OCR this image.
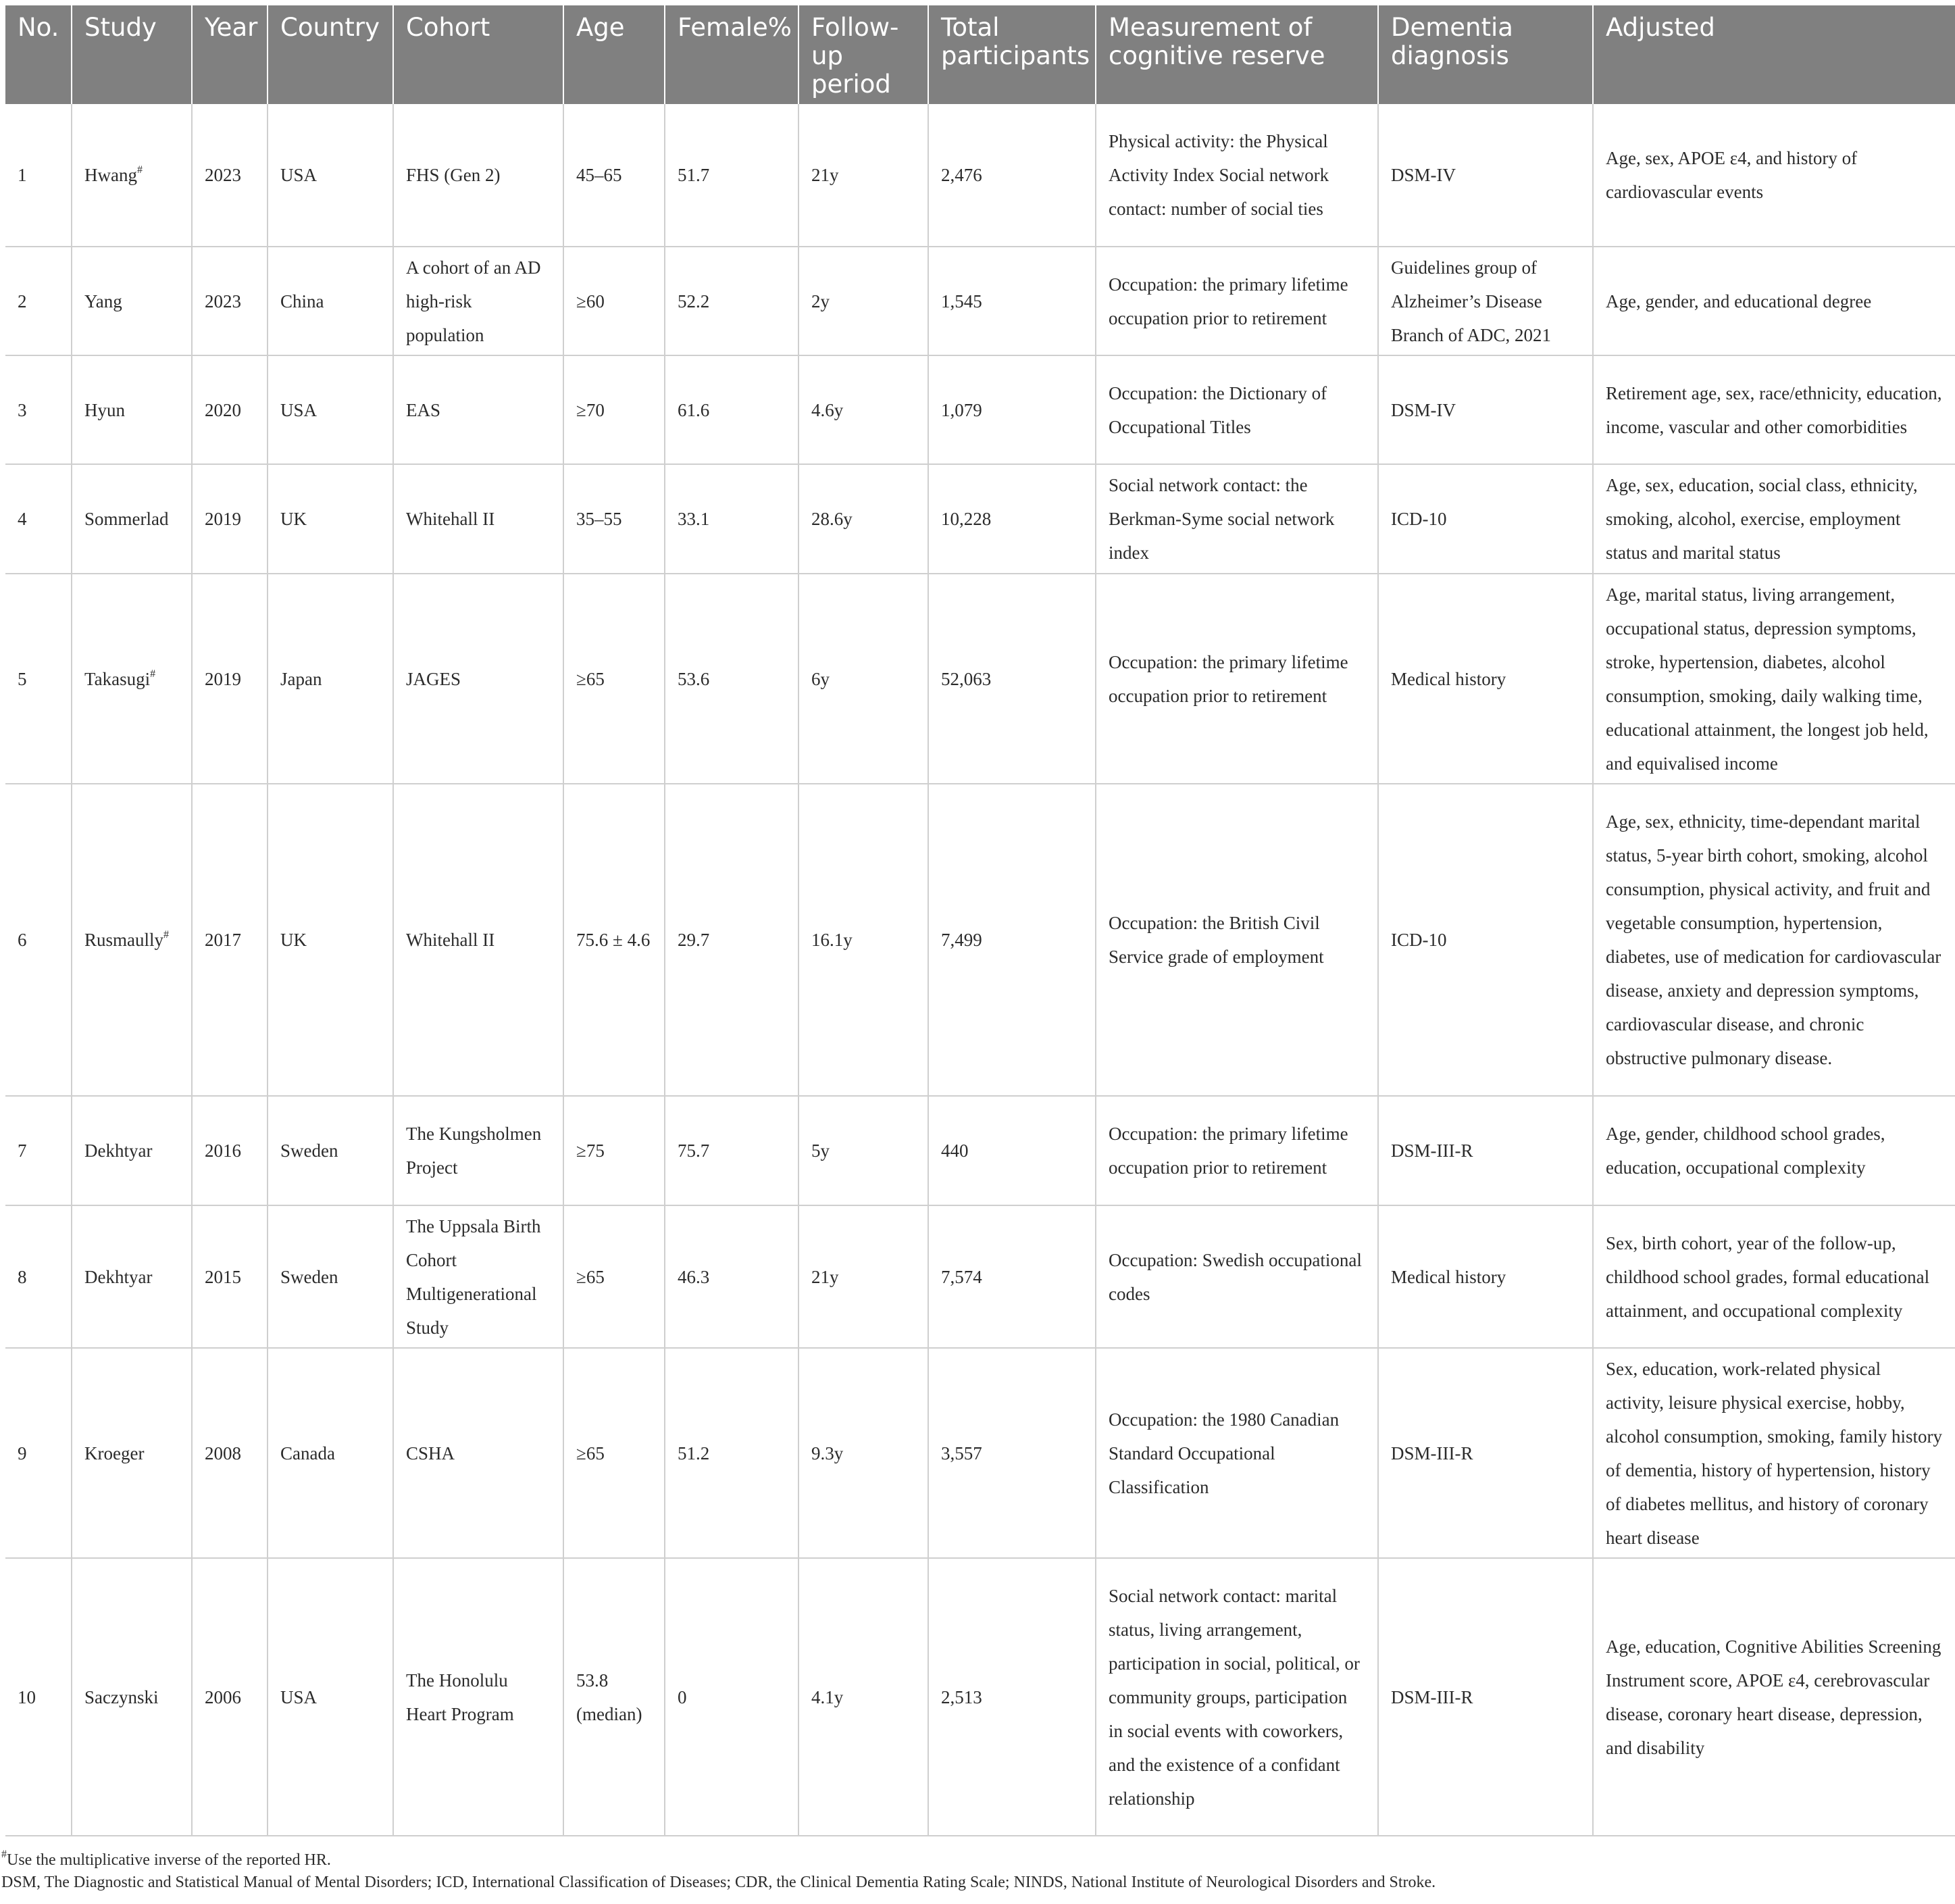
No.	Study	Year	Country	Cohort	Age	Female%	Follow-up period	Total participants	Measurement of cognitive reserve	Dementia diagnosis	Adjusted
1	Hwang#	2023	USA	FHS (Gen 2)	45–65	51.7	21y	2,476	Physical activity: the Physical Activity Index Social network contact: number of social ties	DSM-IV	Age, sex, APOE ε4, and history of cardiovascular events
2	Yang	2023	China	A cohort of an AD high-risk population	≥60	52.2	2y	1,545	Occupation: the primary lifetime occupation prior to retirement	Guidelines group of Alzheimer’s Disease Branch of ADC, 2021	Age, gender, and educational degree
3	Hyun	2020	USA	EAS	≥70	61.6	4.6y	1,079	Occupation: the Dictionary of Occupational Titles	DSM-IV	Retirement age, sex, race/ethnicity, education, income, vascular and other comorbidities
4	Sommerlad	2019	UK	Whitehall II	35–55	33.1	28.6y	10,228	Social network contact: the Berkman-Syme social network index	ICD-10	Age, sex, education, social class, ethnicity, smoking, alcohol, exercise, employment status and marital status
5	Takasugi#	2019	Japan	JAGES	≥65	53.6	6y	52,063	Occupation: the primary lifetime occupation prior to retirement	Medical history	Age, marital status, living arrangement, occupational status, depression symptoms, stroke, hypertension, diabetes, alcohol consumption, smoking, daily walking time, educational attainment, the longest job held, and equivalised income
6	Rusmaully#	2017	UK	Whitehall II	75.6 ± 4.6	29.7	16.1y	7,499	Occupation: the British Civil Service grade of employment	ICD-10	Age, sex, ethnicity, time-dependant marital status, 5-year birth cohort, smoking, alcohol consumption, physical activity, and fruit and vegetable consumption, hypertension, diabetes, use of medication for cardiovascular disease, anxiety and depression symptoms, cardiovascular disease, and chronic obstructive pulmonary disease.
7	Dekhtyar	2016	Sweden	The Kungsholmen Project	≥75	75.7	5y	440	Occupation: the primary lifetime occupation prior to retirement	DSM-III-R	Age, gender, childhood school grades, education, occupational complexity
8	Dekhtyar	2015	Sweden	The Uppsala Birth Cohort Multigenerational Study	≥65	46.3	21y	7,574	Occupation: Swedish occupational codes	Medical history	Sex, birth cohort, year of the follow-up, childhood school grades, formal educational attainment, and occupational complexity
9	Kroeger	2008	Canada	CSHA	≥65	51.2	9.3y	3,557	Occupation: the 1980 Canadian Standard Occupational Classification	DSM-III-R	Sex, education, work-related physical activity, leisure physical exercise, hobby, alcohol consumption, smoking, family history of dementia, history of hypertension, history of diabetes mellitus, and history of coronary heart disease
10	Saczynski	2006	USA	The Honolulu Heart Program	53.8 (median)	0	4.1y	2,513	Social network contact: marital status, living arrangement, participation in social, political, or community groups, participation in social events with coworkers, and the existence of a confidant relationship	DSM-III-R	Age, education, Cognitive Abilities Screening Instrument score, APOE ε4, cerebrovascular disease, coronary heart disease, depression, and disability
#Use the multiplicative inverse of the reported HR.
DSM, The Diagnostic and Statistical Manual of Mental Disorders; ICD, International Classification of Diseases; CDR, the Clinical Dementia Rating Scale; NINDS, National Institute of Neurological Disorders and Stroke.
